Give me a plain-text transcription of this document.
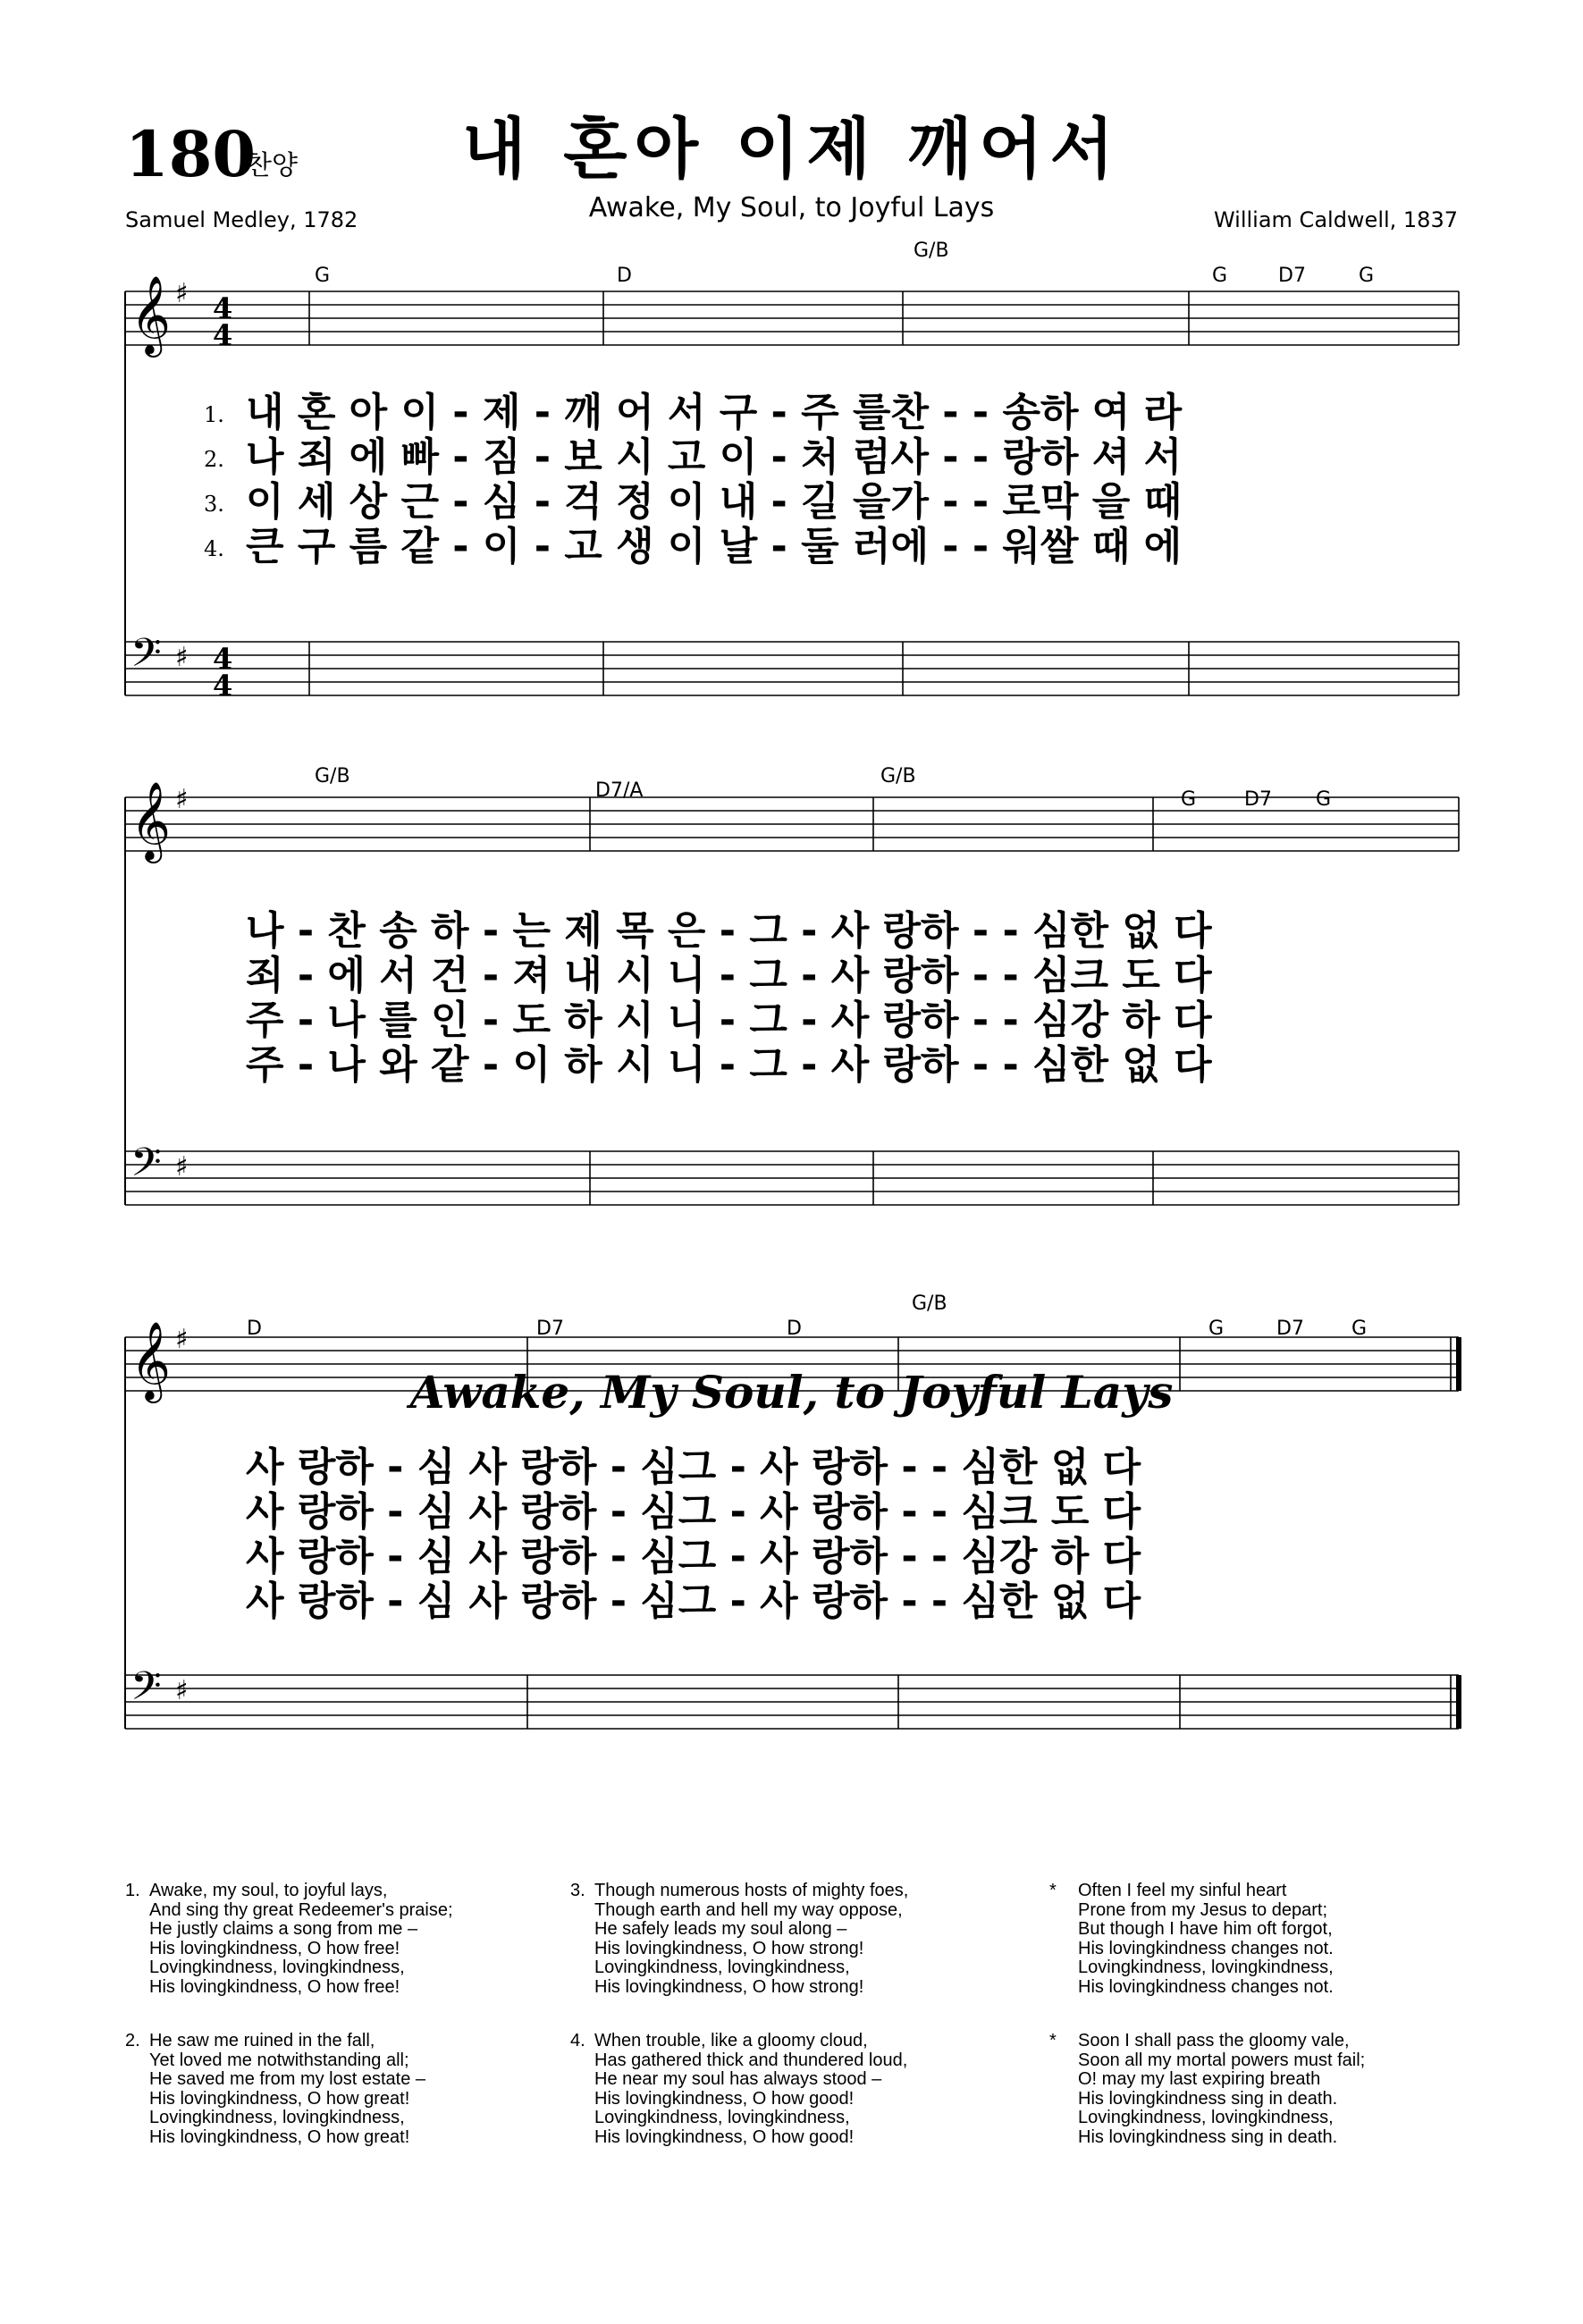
180
찬양	내 혼아 이제 깨어서
Awake, My Soul, to Joyful Lays
Samuel Medley, 1782	William Caldwell, 1837
𝄞 ♯
𝄢 ♯
4
4
4
4
𝄞 ♯
𝄢 ♯
𝄞 ♯
𝄢 ♯
G	D
G/B
G	D7	G
G/B
D7/A
G/B
G D7 G
D	D7	D
G/B
G	D7 G
1.
2.
3.
4.
내 혼 아 이 - 제 - 깨 어 서 구 - 주 를찬 - - 송하 여 라
나 죄 에 빠 - 짐 - 보 시 고 이 - 처 럼사 - - 랑하 셔 서
이 세 상 근 - 심 - 걱 정 이 내 - 길 을가 - - 로막 을 때
큰 구 름 같 - 이 - 고 생 이 날 - 둘 러에 - - 워쌀 때 에
나 - 찬 송 하 - 는 제 목 은 - 그 - 사 랑하 - - 심한 없 다
죄 - 에 서 건 - 져 내 시 니 - 그 - 사 랑하 - - 심크 도 다
주 - 나 를 인 - 도 하 시 니 - 그 - 사 랑하 - - 심강 하 다
주 - 나 와 같 - 이 하 시 니 - 그 - 사 랑하 - - 심한 없 다
사 랑하 - 심 사 랑하 - 심그 - 사 랑하 - - 심한 없 다
사 랑하 - 심 사 랑하 - 심그 - 사 랑하 - - 심크 도 다
사 랑하 - 심 사 랑하 - 심그 - 사 랑하 - - 심강 하 다
사 랑하 - 심 사 랑하 - 심그 - 사 랑하 - - 심한 없 다
Awake, My Soul, to Joyful Lays
1. Awake, my soul, to joyful lays,
And sing thy great Redeemer's praise;
He justly claims a song from me –
His lovingkindness, O how free!
Lovingkindness, lovingkindness,
His lovingkindness, O how free!
2. He saw me ruined in the fall,
Yet loved me notwithstanding all;
He saved me from my lost estate –
His lovingkindness, O how great!
Lovingkindness, lovingkindness,
His lovingkindness, O how great!
3. Though numerous hosts of mighty foes,
Though earth and hell my way oppose,
He safely leads my soul along –
His lovingkindness, O how strong!
Lovingkindness, lovingkindness,
His lovingkindness, O how strong!
4. When trouble, like a gloomy cloud,
Has gathered thick and thundered loud,
He near my soul has always stood –
His lovingkindness, O how good!
Lovingkindness, lovingkindness,
His lovingkindness, O how good!
*	Often I feel my sinful heart
Prone from my Jesus to depart;
But though I have him oft forgot,
His lovingkindness changes not.
Lovingkindness, lovingkindness,
His lovingkindness changes not.
*	Soon I shall pass the gloomy vale,
Soon all my mortal powers must fail;
O! may my last expiring breath
His lovingkindness sing in death.
Lovingkindness, lovingkindness,
His lovingkindness sing in death.
